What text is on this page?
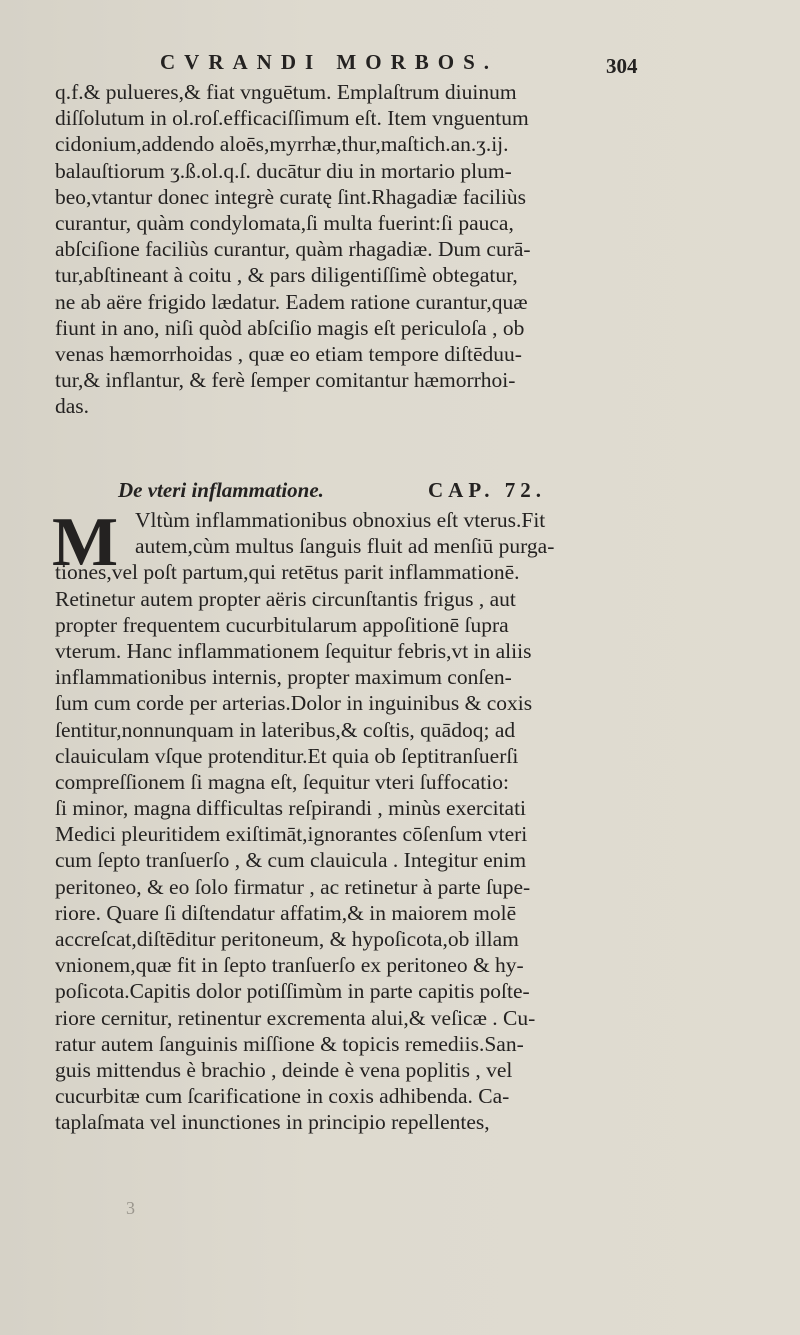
CVRANDI MORBOS.	304
q.f.& pulueres,& fiat vnguētum. Emplaſtrum diuinum
diſſolutum in ol.roſ.efficaciſſimum eſt. Item vnguentum
cidonium,addendo aloēs,myrrhæ,thur,maſtich.an.ʒ.ij.
balauſtiorum ʒ.ß.ol.q.ſ. ducātur diu in mortario plum-
beo,vtantur donec integrè curatę ſint.Rhagadiæ faciliùs
curantur, quàm condylomata,ſi multa fuerint:ſi pauca,
abſciſione faciliùs curantur, quàm rhagadiæ. Dum curā-
tur,abſtineant à coitu , & pars diligentiſſimè obtegatur,
ne ab aëre frigido lædatur. Eadem ratione curantur,quæ
fiunt in ano, niſi quòd abſciſio magis eſt periculoſa , ob
venas hæmorrhoidas , quæ eo etiam tempore diſtēduu-
tur,& inflantur, & ferè ſemper comitantur hæmorrhoi-
das.
De vteri inflammatione.	CAP. 72.
M Vltùm inflammationibus obnoxius eſt vterus.Fit
autem,cùm multus ſanguis fluit ad menſiū purga-
tiones,vel poſt partum,qui retētus parit inflammationē.
Retinetur autem propter aëris circunſtantis frigus , aut
propter frequentem cucurbitularum appoſitionē ſupra
vterum. Hanc inflammationem ſequitur febris,vt in aliis
inflammationibus internis, propter maximum conſen-
ſum cum corde per arterias.Dolor in inguinibus & coxis
ſentitur,nonnunquam in lateribus,& coſtis, quādoq; ad
clauiculam vſque protenditur.Et quia ob ſeptitranſuerſi
compreſſionem ſi magna eſt, ſequitur vteri ſuffocatio:
ſi minor, magna difficultas reſpirandi , minùs exercitati
Medici pleuritidem exiſtimāt,ignorantes cōſenſum vteri
cum ſepto tranſuerſo , & cum clauicula . Integitur enim
peritoneo, & eo ſolo firmatur , ac retinetur à parte ſupe-
riore. Quare ſi diſtendatur affatim,& in maiorem molē
accreſcat,diſtēditur peritoneum, & hypoſicota,ob illam
vnionem,quæ fit in ſepto tranſuerſo ex peritoneo & hy-
poſicota.Capitis dolor potiſſimùm in parte capitis poſte-
riore cernitur, retinentur excrementa alui,& veſicæ . Cu-
ratur autem ſanguinis miſſione & topicis remediis.San-
guis mittendus è brachio , deinde è vena poplitis , vel
cucurbitæ cum ſcarificatione in coxis adhibenda. Ca-
taplaſmata vel inunctiones in principio repellentes,
3
